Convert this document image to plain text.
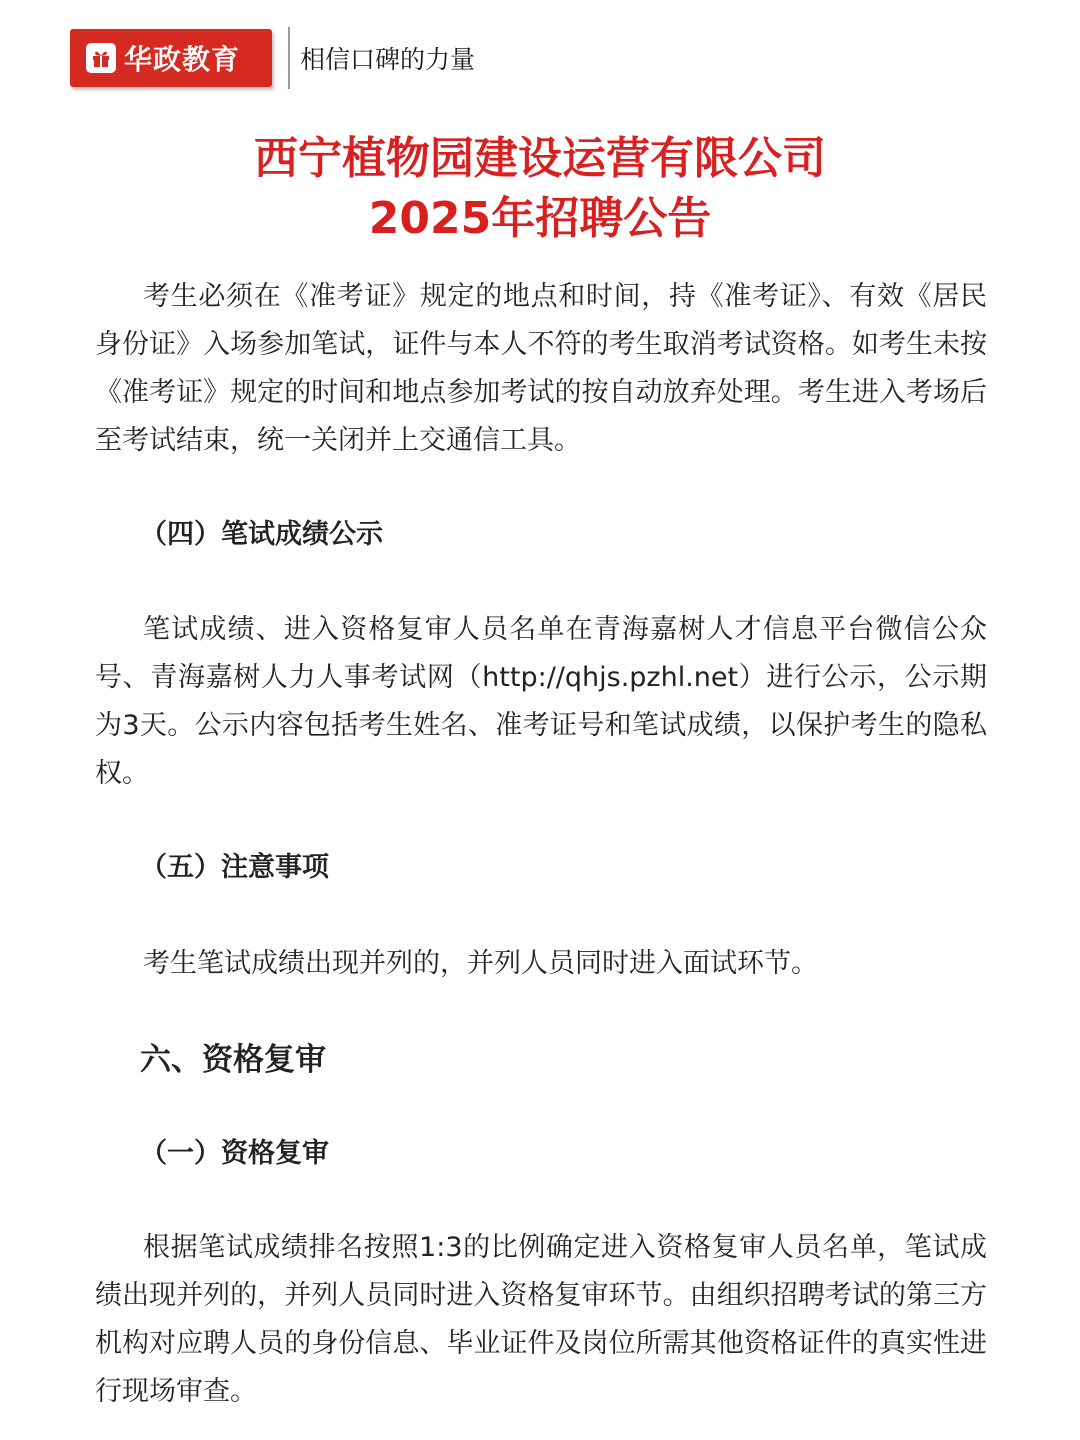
华政教育 相信口碑的力量
西宁植物园建设运营有限公司
2025年招聘公告

考生必须在《准考证》规定的地点和时间，持《准考证》、有效《居民身份证》入场参加笔试，证件与本人不符的考生取消考试资格。如考生未按《准考证》规定的时间和地点参加考试的按自动放弃处理。考生进入考场后至考试结束，统一关闭并上交通信工具。

（四）笔试成绩公示

笔试成绩、进入资格复审人员名单在青海嘉树人才信息平台微信公众号、青海嘉树人力人事考试网（http://qhjs.pzhl.net）进行公示，公示期为3天。公示内容包括考生姓名、准考证号和笔试成绩，以保护考生的隐私权。

（五）注意事项

考生笔试成绩出现并列的，并列人员同时进入面试环节。

六、资格复审
（一）资格复审

根据笔试成绩排名按照1:3的比例确定进入资格复审人员名单，笔试成绩出现并列的，并列人员同时进入资格复审环节。由组织招聘考试的第三方机构对应聘人员的身份信息、毕业证件及岗位所需其他资格证件的真实性进行现场审查。
